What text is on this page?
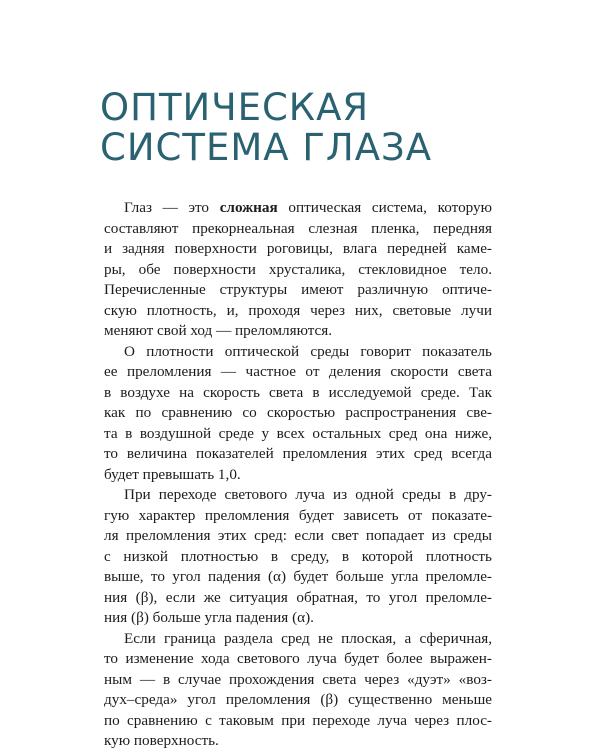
ОПТИЧЕСКАЯ
СИСТЕМА ГЛАЗА
Глаз — это сложная оптическая система, которую
составляют прекорнеальная слезная пленка, передняя
и задняя поверхности роговицы, влага передней каме-
ры, обе поверхности хрусталика, стекловидное тело.
Перечисленные структуры имеют различную оптиче-
скую плотность, и, проходя через них, световые лучи
меняют свой ход — преломляются.
О плотности оптической среды говорит показатель
ее преломления — частное от деления скорости света
в воздухе на скорость света в исследуемой среде. Так
как по сравнению со скоростью распространения све-
та в воздушной среде у всех остальных сред она ниже,
то величина показателей преломления этих сред всегда
будет превышать 1,0.
При переходе светового луча из одной среды в дру-
гую характер преломления будет зависеть от показате-
ля преломления этих сред: если свет попадает из среды
с низкой плотностью в среду, в которой плотность
выше, то угол падения (α) будет больше угла преломле-
ния (β), если же ситуация обратная, то угол преломле-
ния (β) больше угла падения (α).
Если граница раздела сред не плоская, а сферичная,
то изменение хода светового луча будет более выражен-
ным — в случае прохождения света через «дуэт» «воз-
дух–среда» угол преломления (β) существенно меньше
по сравнению с таковым при переходе луча через плос-
кую поверхность.
